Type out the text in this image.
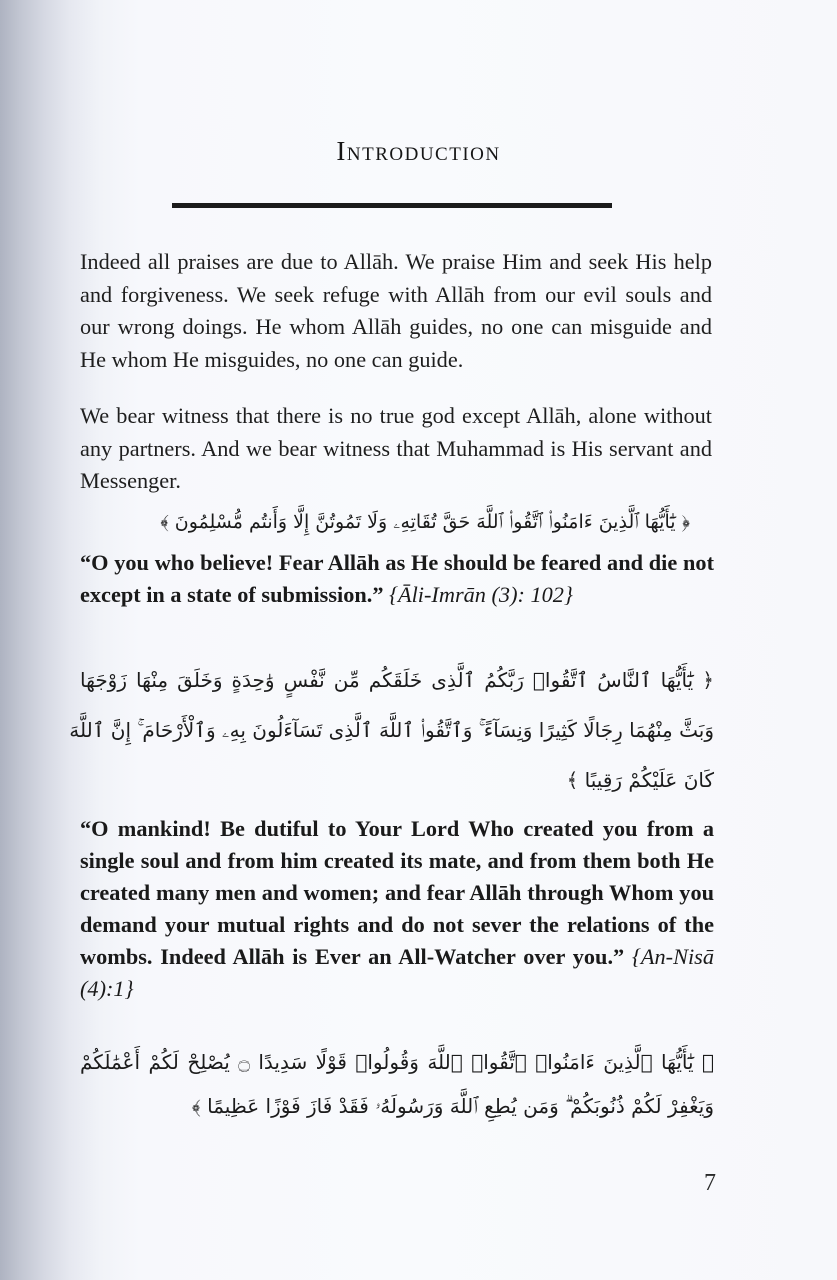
Introduction

Indeed all praises are due to Allāh. We praise Him and seek His help and forgiveness. We seek refuge with Allāh from our evil souls and our wrong doings. He whom Allāh guides, no one can misguide and He whom He misguides, no one can guide.

We bear witness that there is no true god except Allāh, alone without any partners. And we bear witness that Muhammad is His servant and Messenger.

﴿ يَٰٓأَيُّهَا ٱلَّذِينَ ءَامَنُوا۟ ٱتَّقُوا۟ ٱللَّهَ حَقَّ تُقَاتِهِۦ وَلَا تَمُوتُنَّ إِلَّا وَأَنتُم مُّسْلِمُونَ ﴾

“O you who believe! Fear Allāh as He should be feared and die not except in a state of submission.” {Āli-Imrān (3): 102}

﴿ يَٰٓأَيُّهَا ٱلنَّاسُ ٱتَّقُوا۟ رَبَّكُمُ ٱلَّذِى خَلَقَكُم مِّن نَّفْسٍ وَٰحِدَةٍ وَخَلَقَ مِنْهَا زَوْجَهَا
وَبَثَّ مِنْهُمَا رِجَالًا كَثِيرًا وَنِسَآءً ۚ وَٱتَّقُوا۟ ٱللَّهَ ٱلَّذِى تَسَآءَلُونَ بِهِۦ وَٱلْأَرْحَامَ ۚ إِنَّ ٱللَّهَ
كَانَ عَلَيْكُمْ رَقِيبًا ﴾

“O mankind! Be dutiful to Your Lord Who created you from a single soul and from him created its mate, and from them both He created many men and women; and fear Allāh through Whom you demand your mutual rights and do not sever the relations of the wombs. Indeed Allāh is Ever an All-Watcher over you.” {An-Nisā (4):1}

﴿ يَٰٓأَيُّهَا ٱلَّذِينَ ءَامَنُوا۟ ٱتَّقُوا۟ ٱللَّهَ وَقُولُوا۟ قَوْلًا سَدِيدًا ۝ يُصْلِحْ لَكُمْ أَعْمَٰلَكُمْ
وَيَغْفِرْ لَكُمْ ذُنُوبَكُمْ ۗ وَمَن يُطِعِ ٱللَّهَ وَرَسُولَهُۥ فَقَدْ فَازَ فَوْزًا عَظِيمًا ﴾
7
